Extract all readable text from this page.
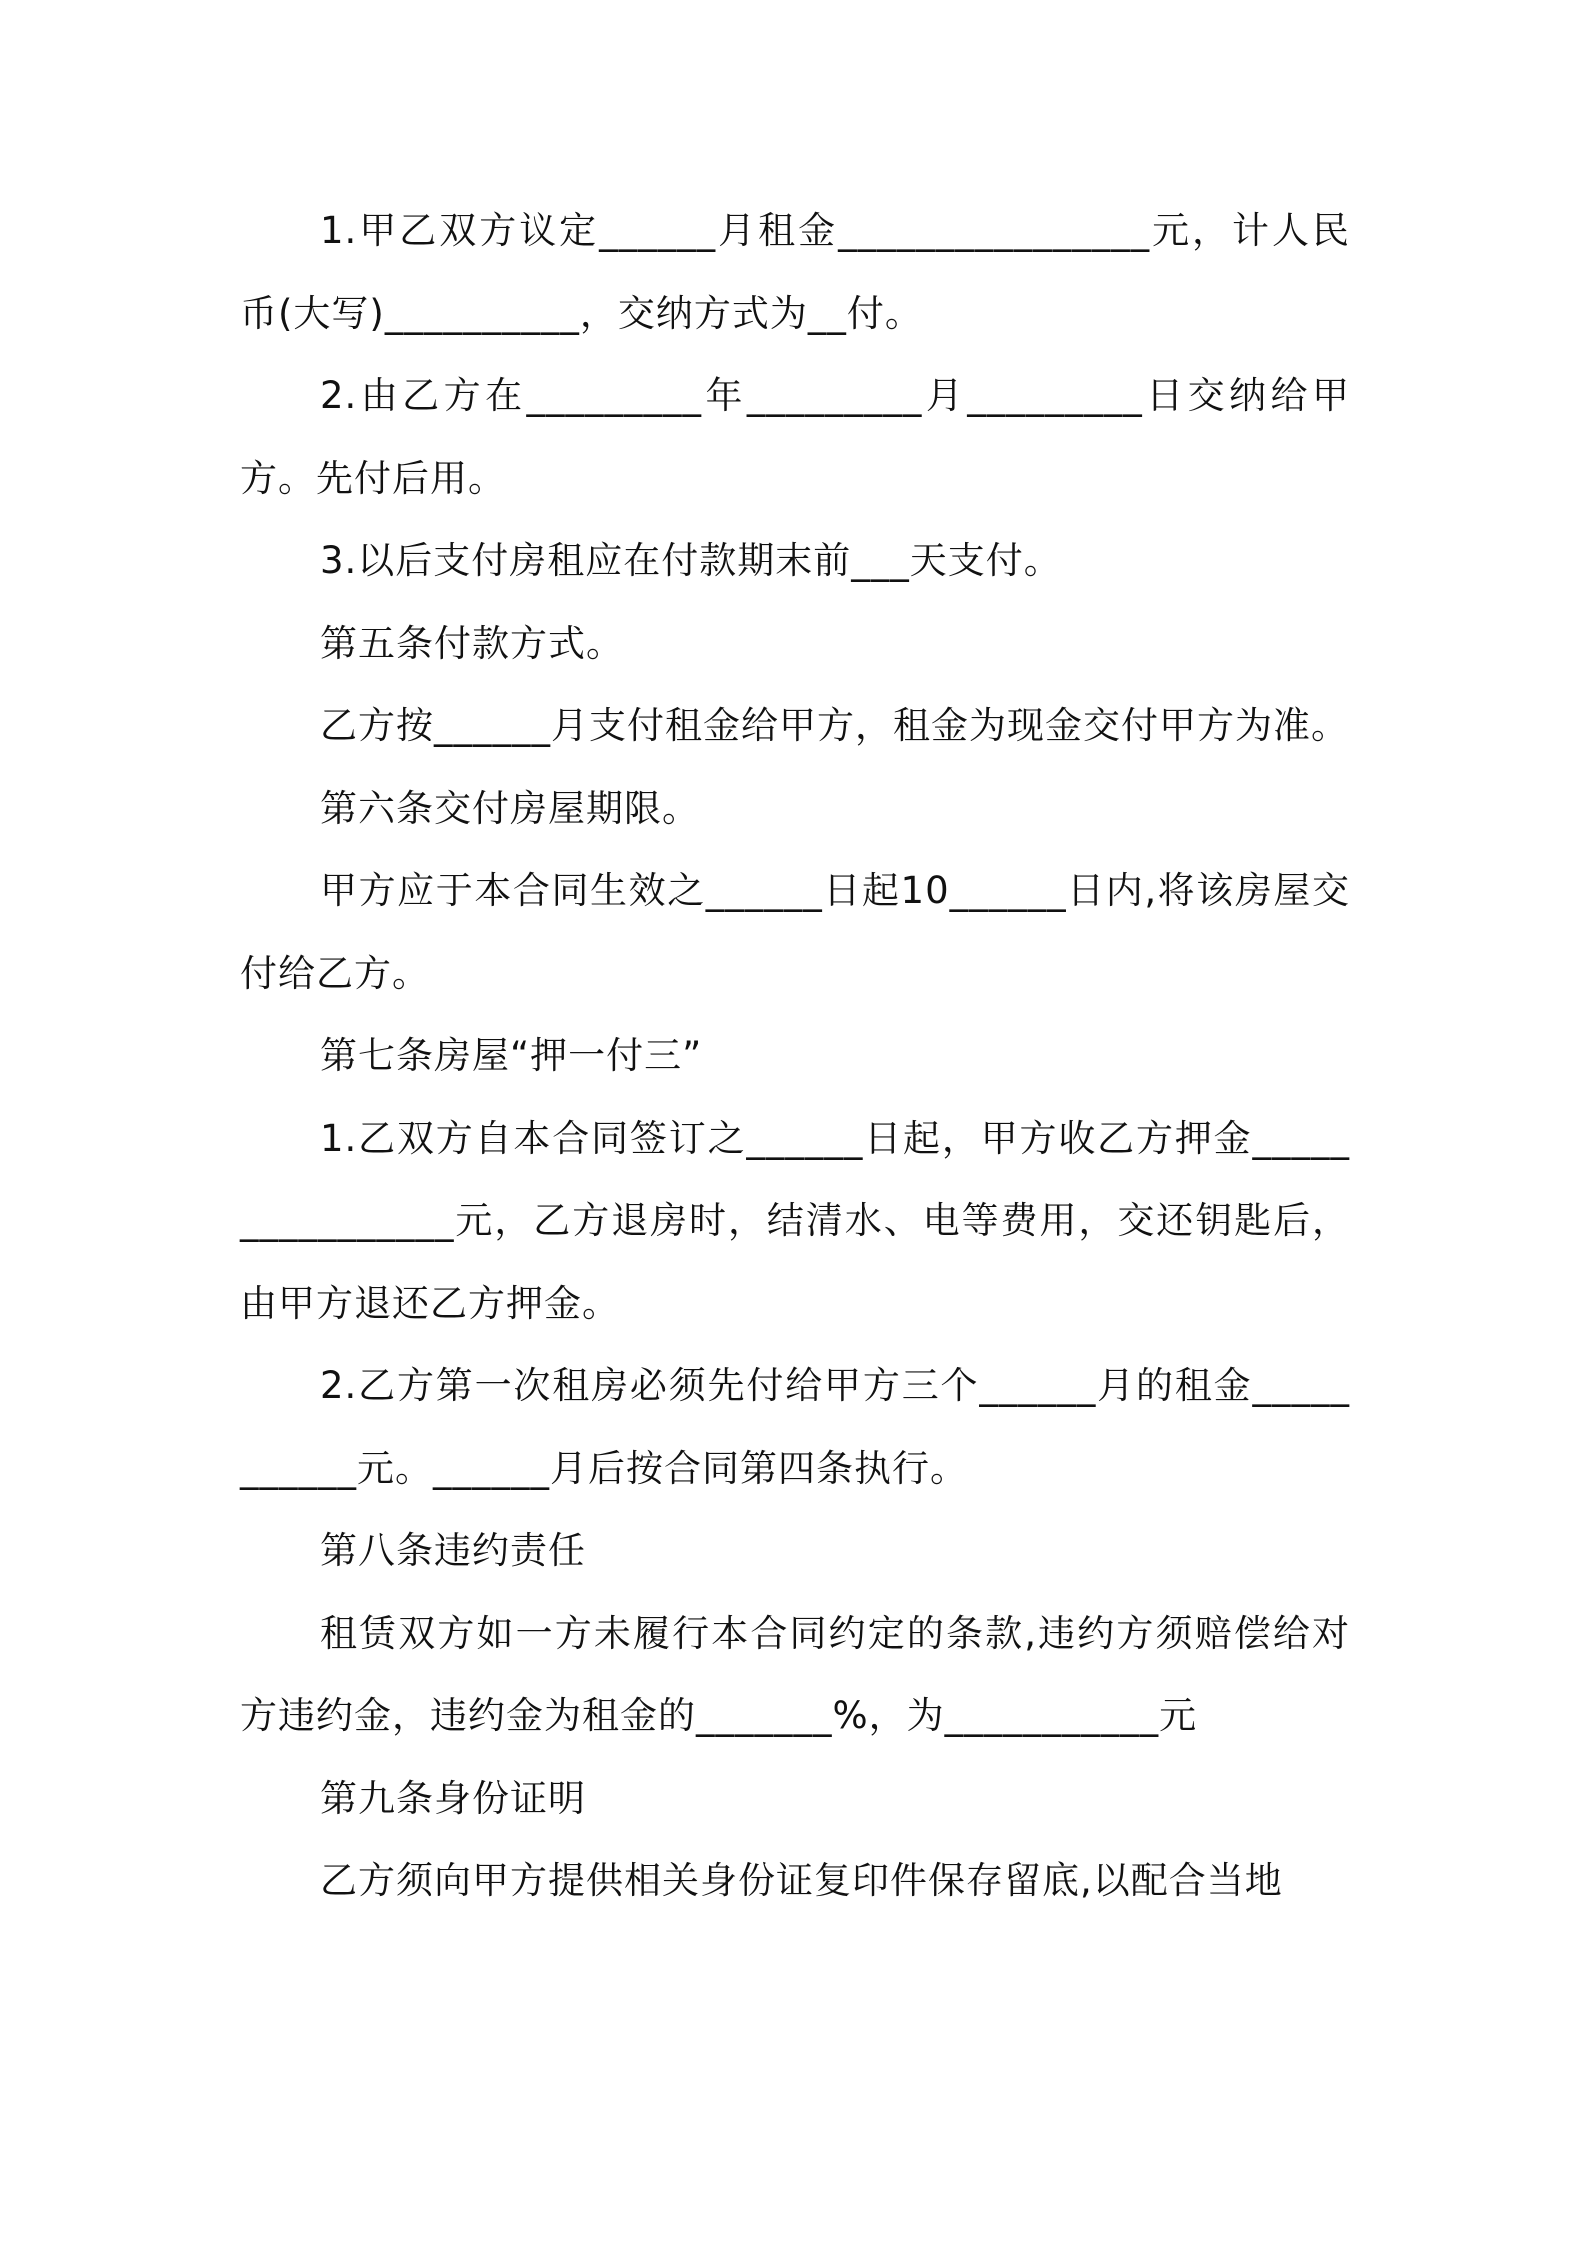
1.甲乙双方议定______月租金________________元，计人民币(大写)__________，交纳方式为__付。

2.由乙方在_________年_________月_________日交纳给甲方。先付后用。

3.以后支付房租应在付款期末前___天支付。

第五条付款方式。

乙方按______月支付租金给甲方，租金为现金交付甲方为准。

第六条交付房屋期限。

甲方应于本合同生效之______日起10______日内,将该房屋交付给乙方。

第七条房屋“押一付三”

1.乙双方自本合同签订之______日起，甲方收乙方押金________________元，乙方退房时，结清水、电等费用，交还钥匙后，由甲方退还乙方押金。

2.乙方第一次租房必须先付给甲方三个______月的租金___________元。______月后按合同第四条执行。

第八条违约责任

租赁双方如一方未履行本合同约定的条款,违约方须赔偿给对方违约金，违约金为租金的_______%，为___________元

第九条身份证明

乙方须向甲方提供相关身份证复印件保存留底,以配合当地
